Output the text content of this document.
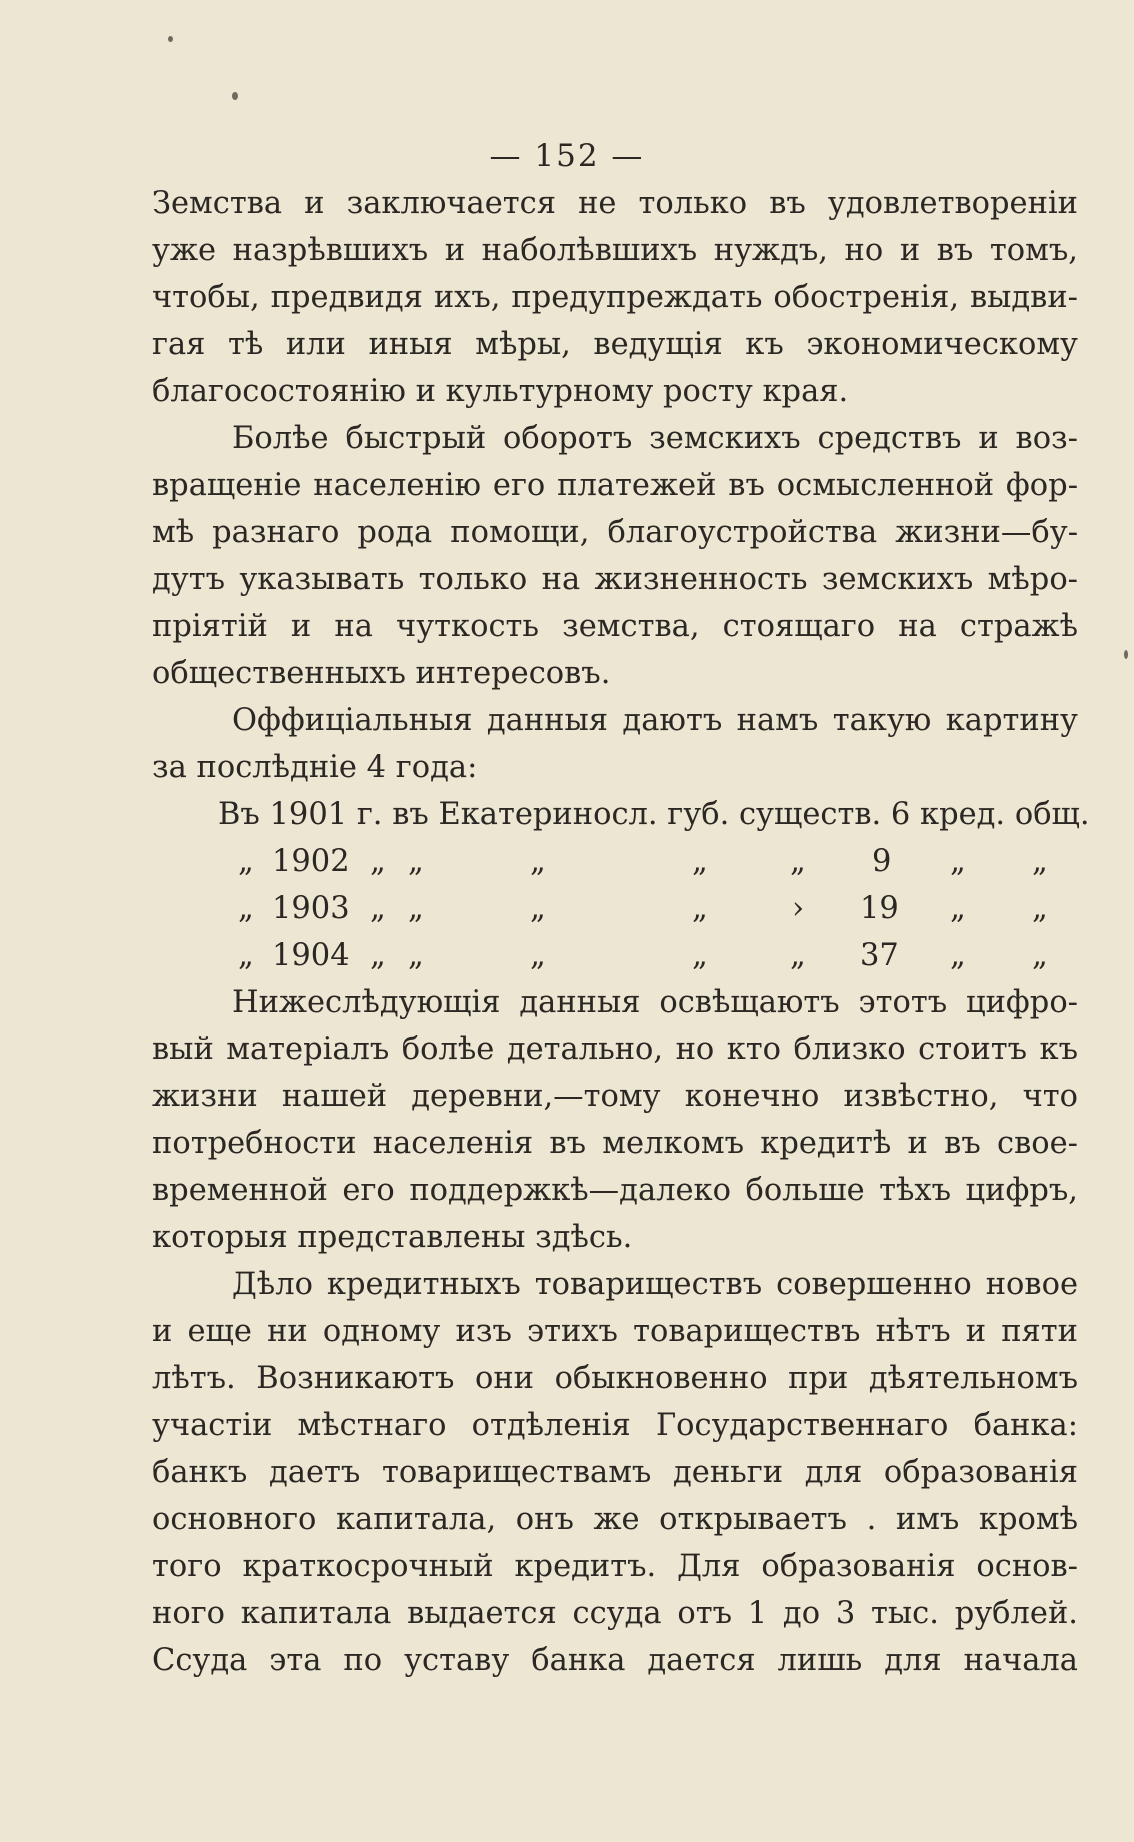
— 152 —

Земства и заключается не только въ удовлетвореніи
уже назрѣвшихъ и наболѣвшихъ нуждъ, но и въ томъ,
чтобы, предвидя ихъ, предупреждать обостренія, выдви-
гая тѣ или иныя мѣры, ведущія къ экономическому
благосостоянію и культурному росту края.

Болѣе быстрый оборотъ земскихъ средствъ и воз-
вращеніе населенію его платежей въ осмысленной фор-
мѣ разнаго рода помощи, благоустройства жизни—бу-
дутъ указывать только на жизненность земскихъ мѣро-
пріятій и на чуткость земства, стоящаго на стражѣ
общественныхъ интересовъ.

Оффиціальныя данныя даютъ намъ такую картину
за послѣдніе 4 года:

Въ 1901 г. въ Екатериносл. губ. существ. 6 кред. общ.
„ 1902 „ „	„	„	„ 9 „ „
„ 1903 „ „	„	„	› 19 „ „
„ 1904 „ „	„	„	„ 37 „ „

Нижеслѣдующія данныя освѣщаютъ этотъ цифро-
вый матеріалъ болѣе детально, но кто близко стоитъ къ
жизни нашей деревни,—тому конечно извѣстно, что
потребности населенія въ мелкомъ кредитѣ и въ свое-
временной его поддержкѣ—далеко больше тѣхъ цифръ,
которыя представлены здѣсь.

Дѣло кредитныхъ товариществъ совершенно новое
и еще ни одному изъ этихъ товариществъ нѣтъ и пяти
лѣтъ. Возникаютъ они обыкновенно при дѣятельномъ
участіи мѣстнаго отдѣленія Государственнаго банка:
банкъ даетъ товариществамъ деньги для образованія
основного капитала, онъ же открываетъ . имъ кромѣ
того краткосрочный кредитъ. Для образованія основ-
ного капитала выдается ссуда отъ 1 до 3 тыс. рублей.
Ссуда эта по уставу банка дается лишь для начала
